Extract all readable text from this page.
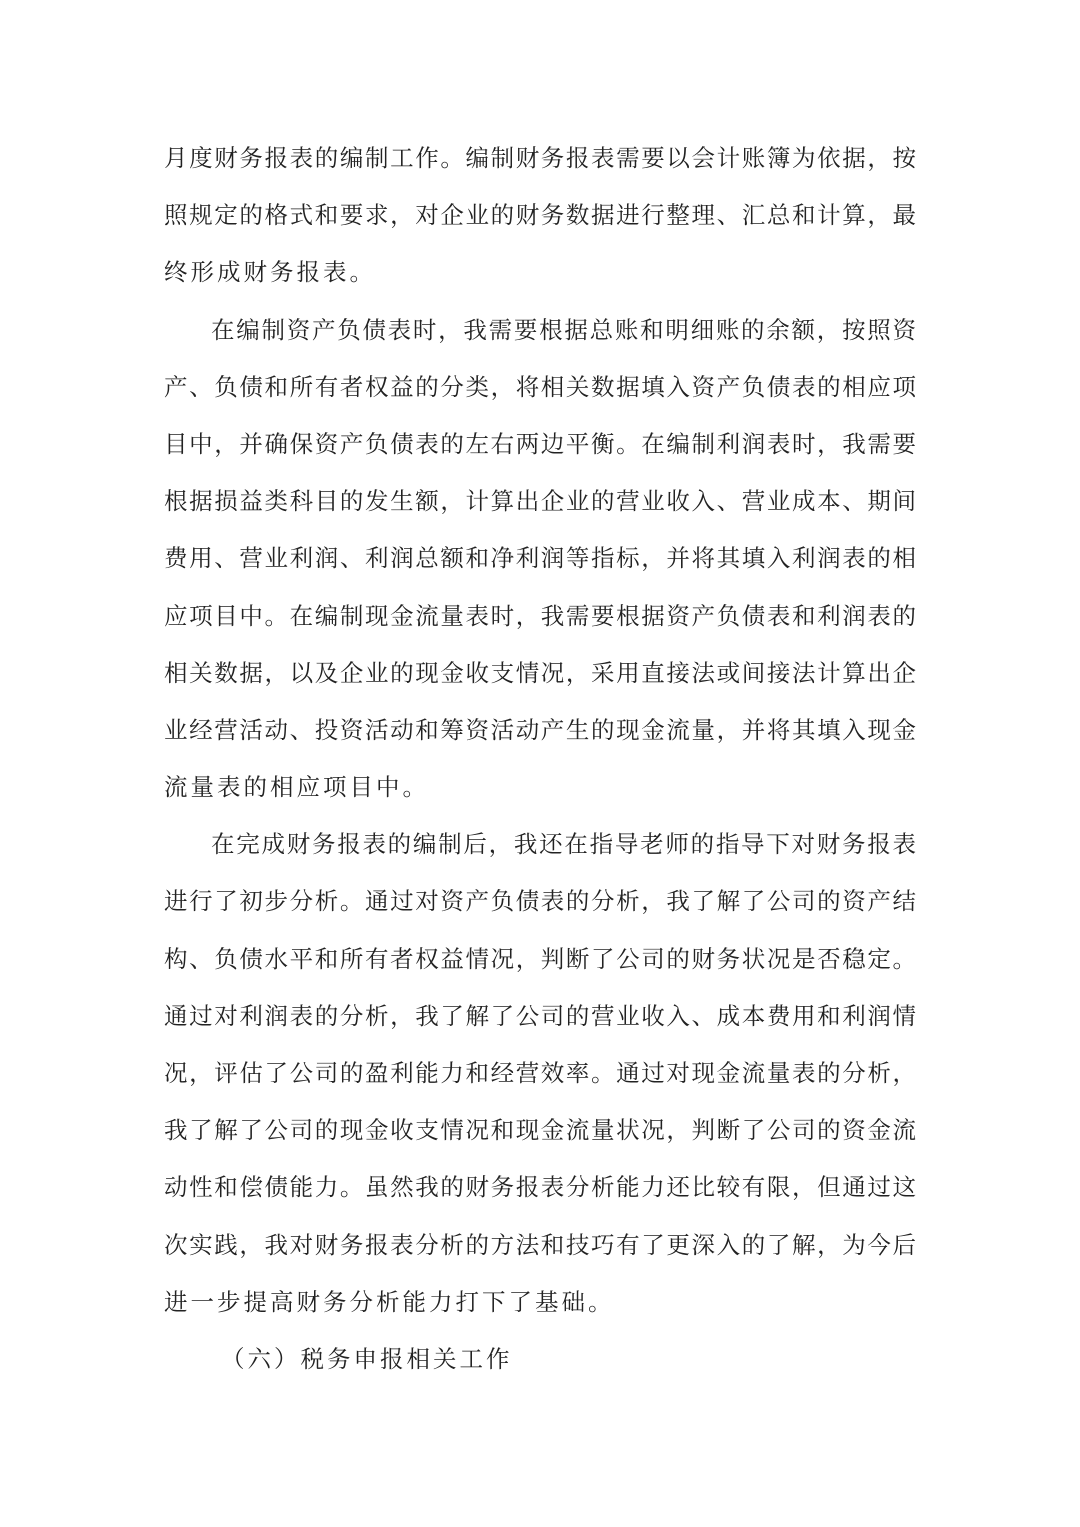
月度财务报表的编制工作。编制财务报表需要以会计账簿为依据，按
照规定的格式和要求，对企业的财务数据进行整理、汇总和计算，最
终形成财务报表。
在编制资产负债表时，我需要根据总账和明细账的余额，按照资
产、负债和所有者权益的分类，将相关数据填入资产负债表的相应项
目中，并确保资产负债表的左右两边平衡。在编制利润表时，我需要
根据损益类科目的发生额，计算出企业的营业收入、营业成本、期间
费用、营业利润、利润总额和净利润等指标，并将其填入利润表的相
应项目中。在编制现金流量表时，我需要根据资产负债表和利润表的
相关数据，以及企业的现金收支情况，采用直接法或间接法计算出企
业经营活动、投资活动和筹资活动产生的现金流量，并将其填入现金
流量表的相应项目中。
在完成财务报表的编制后，我还在指导老师的指导下对财务报表
进行了初步分析。通过对资产负债表的分析，我了解了公司的资产结
构、负债水平和所有者权益情况，判断了公司的财务状况是否稳定。
通过对利润表的分析，我了解了公司的营业收入、成本费用和利润情
况，评估了公司的盈利能力和经营效率。通过对现金流量表的分析，
我了解了公司的现金收支情况和现金流量状况，判断了公司的资金流
动性和偿债能力。虽然我的财务报表分析能力还比较有限，但通过这
次实践，我对财务报表分析的方法和技巧有了更深入的了解，为今后
进一步提高财务分析能力打下了基础。
（六）税务申报相关工作
